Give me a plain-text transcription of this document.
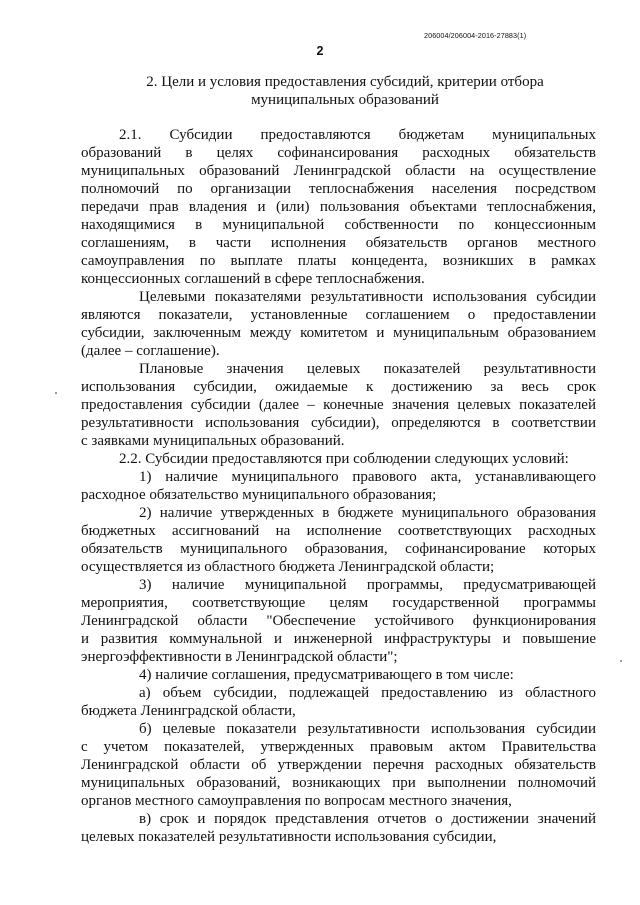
206004/206004-2016-27883(1)
2
2. Цели и условия предоставления субсидий, критерии отбора
муниципальных образований
2.1. Субсидии предоставляются бюджетам муниципальных
образований в целях софинансирования расходных обязательств
муниципальных образований Ленинградской области на осуществление
полномочий по организации теплоснабжения населения посредством
передачи прав владения и (или) пользования объектами теплоснабжения,
находящимися в муниципальной собственности по концессионным
соглашениям, в части исполнения обязательств органов местного
самоуправления по выплате платы концедента, возникших в рамках
концессионных соглашений в сфере теплоснабжения.
Целевыми показателями результативности использования субсидии
являются показатели, установленные соглашением о предоставлении
субсидии, заключенным между комитетом и муниципальным образованием
(далее – соглашение).
Плановые значения целевых показателей результативности
использования субсидии, ожидаемые к достижению за весь срок
предоставления субсидии (далее – конечные значения целевых показателей
результативности использования субсидии), определяются в соответствии
с заявками муниципальных образований.
2.2. Субсидии предоставляются при соблюдении следующих условий:
1) наличие муниципального правового акта, устанавливающего
расходное обязательство муниципального образования;
2) наличие утвержденных в бюджете муниципального образования
бюджетных ассигнований на исполнение соответствующих расходных
обязательств муниципального образования, софинансирование которых
осуществляется из областного бюджета Ленинградской области;
3) наличие муниципальной программы, предусматривающей
мероприятия, соответствующие целям государственной программы
Ленинградской области "Обеспечение устойчивого функционирования
и развития коммунальной и инженерной инфраструктуры и повышение
энергоэффективности в Ленинградской области";
4) наличие соглашения, предусматривающего в том числе:
а) объем субсидии, подлежащей предоставлению из областного
бюджета Ленинградской области,
б) целевые показатели результативности использования субсидии
с учетом показателей, утвержденных правовым актом Правительства
Ленинградской области об утверждении перечня расходных обязательств
муниципальных образований, возникающих при выполнении полномочий
органов местного самоуправления по вопросам местного значения,
в) срок и порядок представления отчетов о достижении значений
целевых показателей результативности использования субсидии,
